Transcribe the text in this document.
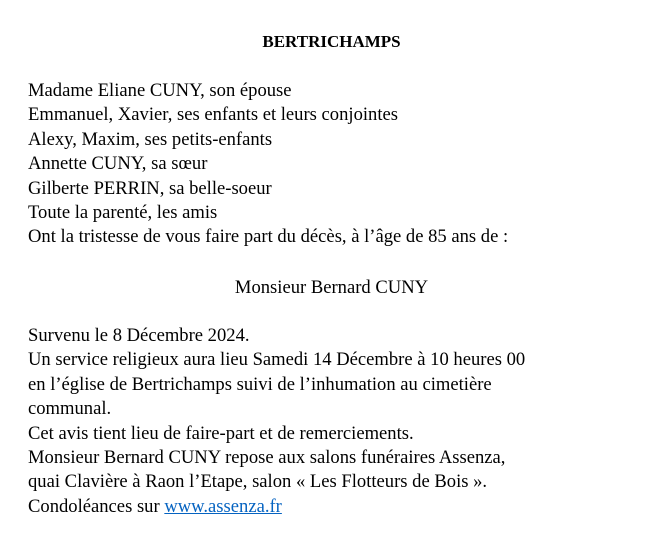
BERTRICHAMPS
Madame Eliane CUNY, son épouse
Emmanuel, Xavier, ses enfants et leurs conjointes
Alexy, Maxim, ses petits-enfants
Annette CUNY, sa sœur
Gilberte PERRIN, sa belle-soeur
Toute la parenté, les amis
Ont la tristesse de vous faire part du décès, à l’âge de 85 ans de :
Monsieur Bernard CUNY
Survenu le 8 Décembre 2024.
Un service religieux aura lieu Samedi 14 Décembre à 10 heures 00
en l’église de Bertrichamps suivi de l’inhumation au cimetière
communal.
Cet avis tient lieu de faire-part et de remerciements.
Monsieur Bernard CUNY repose aux salons funéraires Assenza,
quai Clavière à Raon l’Etape, salon « Les Flotteurs de Bois ».
Condoléances sur www.assenza.fr
